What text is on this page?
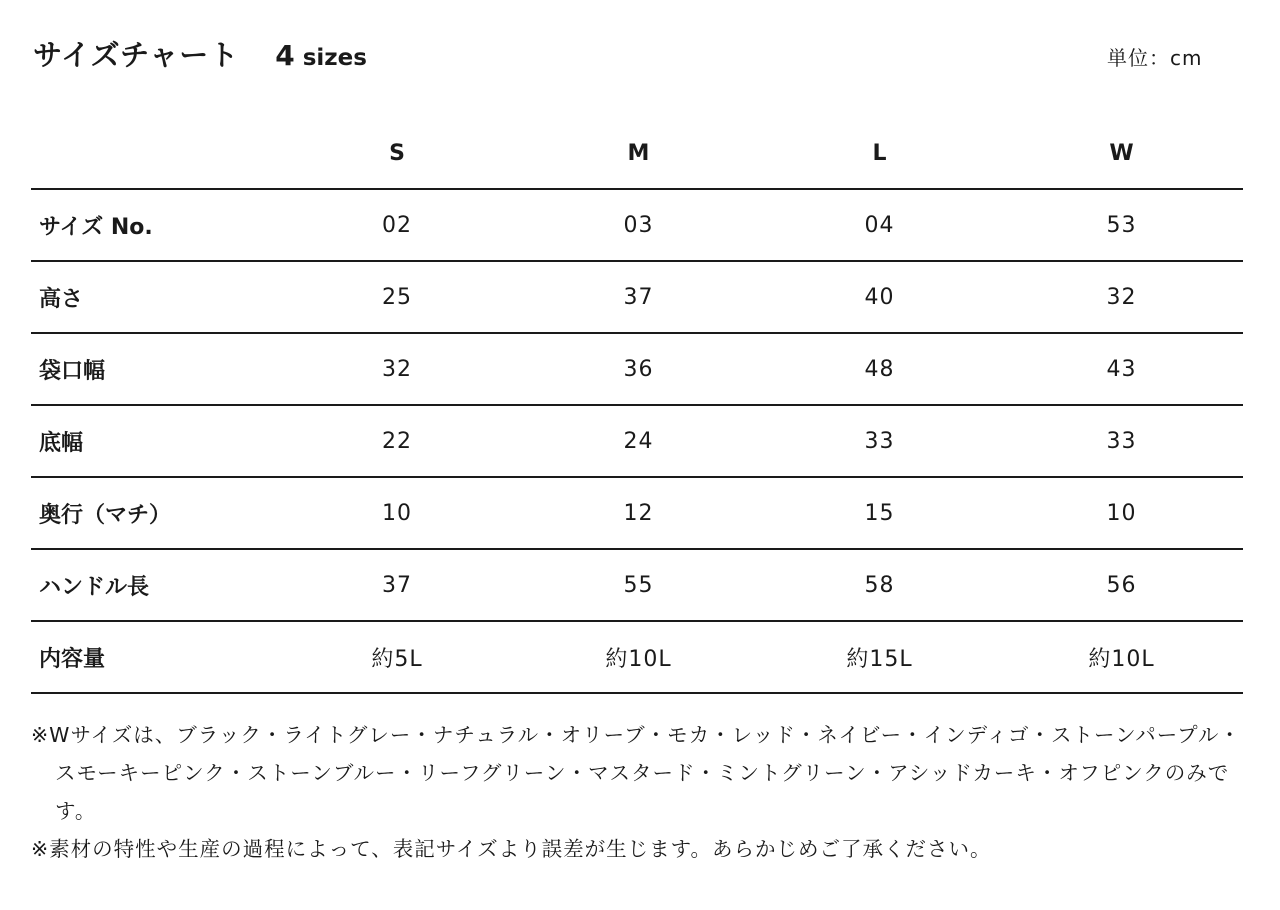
サイズチャート 4 sizes	単位：cm
	S	M	L	W
サイズ No.	02	03	04	53
高さ	25	37	40	32
袋口幅	32	36	48	43
底幅	22	24	33	33
奥行（マチ）	10	12	15	10
ハンドル長	37	55	58	56
内容量	約5L	約10L	約15L	約10L

※Wサイズは、ブラック・ライトグレー・ナチュラル・オリーブ・モカ・レッド・ネイビー・インディゴ・ストーンパープル・スモーキーピンク・ストーンブルー・リーフグリーン・マスタード・ミントグリーン・アシッドカーキ・オフピンクのみです。

※素材の特性や生産の過程によって、表記サイズより誤差が生じます。あらかじめご了承ください。
